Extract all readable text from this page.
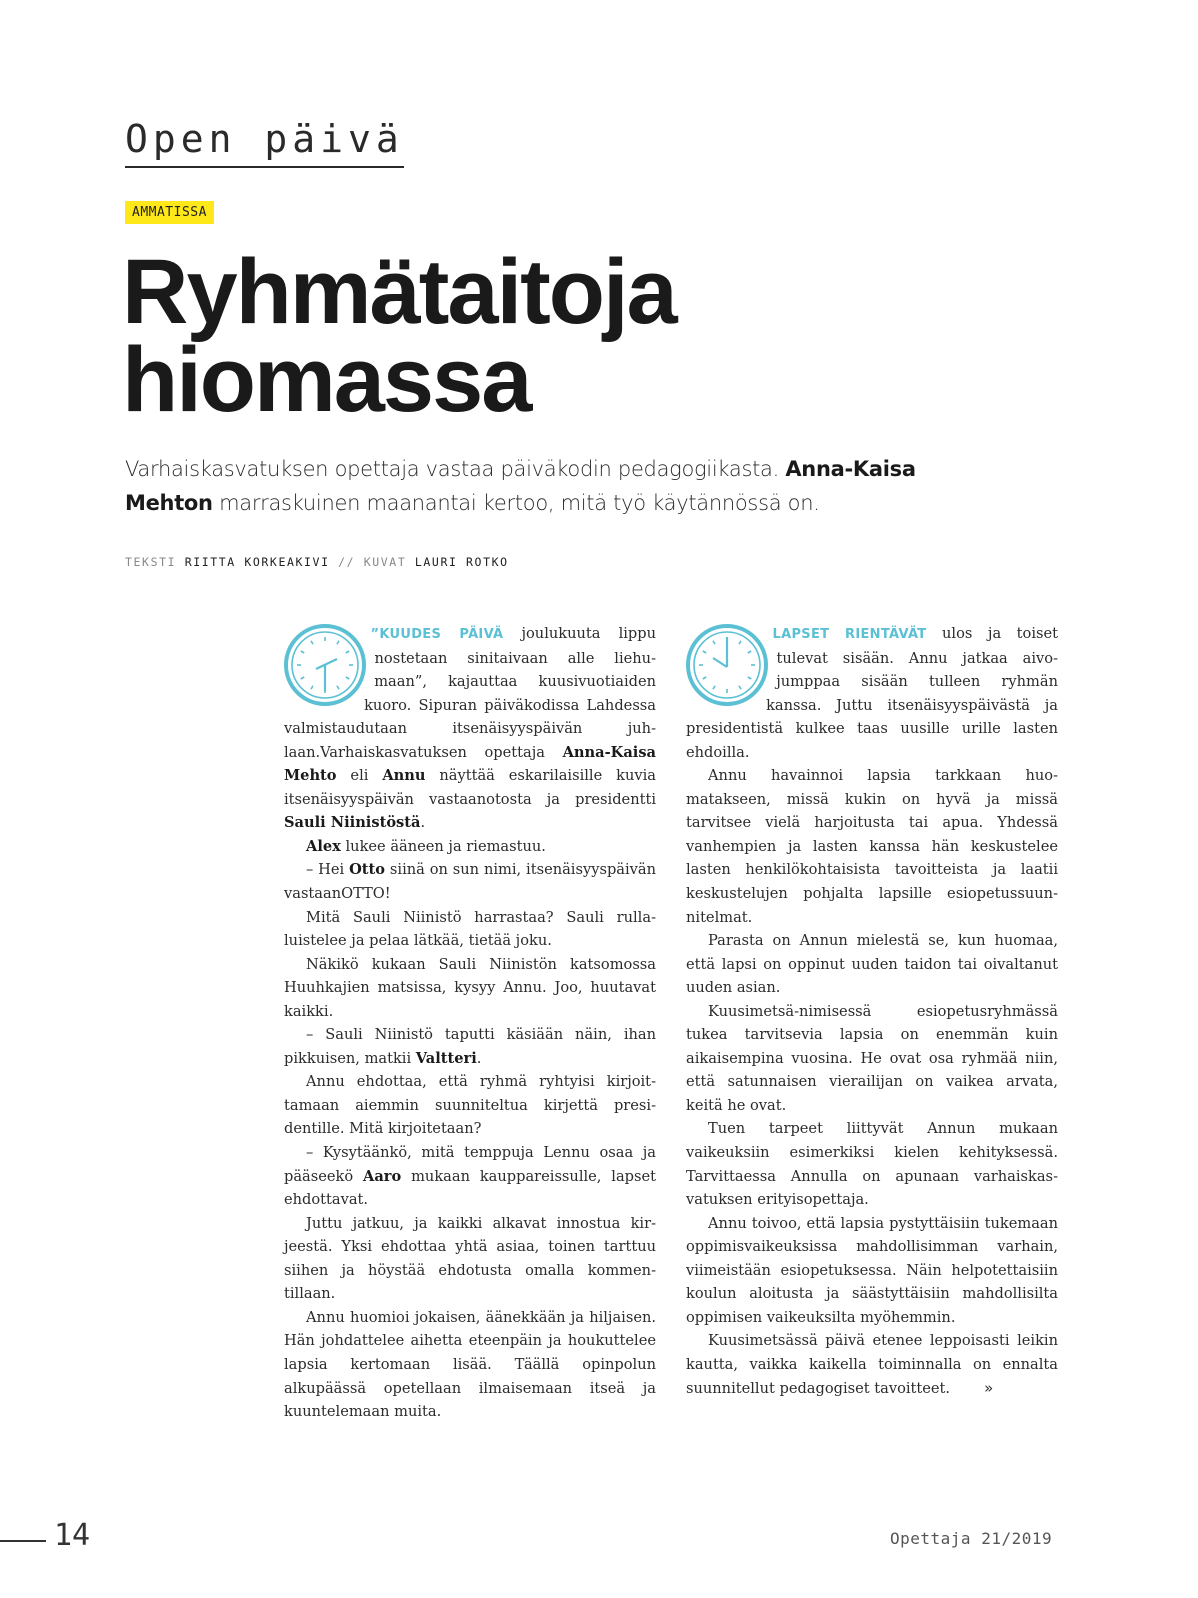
Open päivä
AMMATISSA
Ryhmätaitoja
hiomassa

Varhaiskasvatuksen opettaja vastaa päiväkodin pedagogiikasta. Anna-Kaisa Mehton marraskuinen maanantai kertoo, mitä työ käytännössä on.

TEKSTI RIITTA KORKEAKIVI // KUVAT LAURI ROTKO

”KUUDES PÄIVÄ joulukuuta lippu nostetaan sinitaivaan alle liehumaan”, kajauttaa kuusivuotiaiden kuoro. Sipuran päiväkodissa Lahdessa valmistaudutaan itsenäisyyspäivän juhlaan.Varhaiskasvatuksen opettaja Anna-Kaisa Mehto eli Annu näyttää eskarilaisille kuvia itsenäisyyspäivän vastaanotosta ja presidentti Sauli Niinistöstä.

Alex lukee ääneen ja riemastuu.

– Hei Otto siinä on sun nimi, itsenäisyyspäivän vastaanOTTO!

Mitä Sauli Niinistö harrastaa? Sauli rullaluistelee ja pelaa lätkää, tietää joku.

Näkikö kukaan Sauli Niinistön katsomossa Huuhkajien matsissa, kysyy Annu. Joo, huutavat kaikki.

– Sauli Niinistö taputti käsiään näin, ihan pikkuisen, matkii Valtteri.

Annu ehdottaa, että ryhmä ryhtyisi kirjoittamaan aiemmin suunniteltua kirjettä presidentille. Mitä kirjoitetaan?

– Kysytäänkö, mitä temppuja Lennu osaa ja pääseekö Aaro mukaan kauppareissulle, lapset ehdottavat.

Juttu jatkuu, ja kaikki alkavat innostua kirjeestä. Yksi ehdottaa yhtä asiaa, toinen tarttuu siihen ja höystää ehdotusta omalla kommentillaan.

Annu huomioi jokaisen, äänekkään ja hiljaisen. Hän johdattelee aihetta eteenpäin ja houkuttelee lapsia kertomaan lisää. Täällä opinpolun alkupäässä opetellaan ilmaisemaan itseä ja kuuntelemaan muita.

LAPSET RIENTÄVÄT ulos ja toiset tulevat sisään. Annu jatkaa aivojumppaa sisään tulleen ryhmän kanssa. Juttu itsenäisyyspäivästä ja presidentistä kulkee taas uusille urille lasten ehdoilla.

Annu havainnoi lapsia tarkkaan huomatakseen, missä kukin on hyvä ja missä tarvitsee vielä harjoitusta tai apua. Yhdessä vanhempien ja lasten kanssa hän keskustelee lasten henkilökohtaisista tavoitteista ja laatii keskustelujen pohjalta lapsille esiopetussuunnitelmat.

Parasta on Annun mielestä se, kun huomaa, että lapsi on oppinut uuden taidon tai oivaltanut uuden asian.

Kuusimetsä-nimisessä esiopetusryhmässä tukea tarvitsevia lapsia on enemmän kuin aikaisempina vuosina. He ovat osa ryhmää niin, että satunnaisen vierailijan on vaikea arvata, keitä he ovat.

Tuen tarpeet liittyvät Annun mukaan vaikeuksiin esimerkiksi kielen kehityksessä. Tarvittaessa Annulla on apunaan varhaiskasvatuksen erityisopettaja.

Annu toivoo, että lapsia pystyttäisiin tukemaan oppimisvaikeuksissa mahdollisimman varhain, viimeistään esiopetuksessa. Näin helpotettaisiin koulun aloitusta ja säästyttäisiin mahdollisilta oppimisen vaikeuksilta myöhemmin.

Kuusimetsässä päivä etenee leppoisasti leikin kautta, vaikka kaikella toiminnalla on ennalta suunnitellut pedagogiset tavoitteet. »

14	Opettaja 21/2019
